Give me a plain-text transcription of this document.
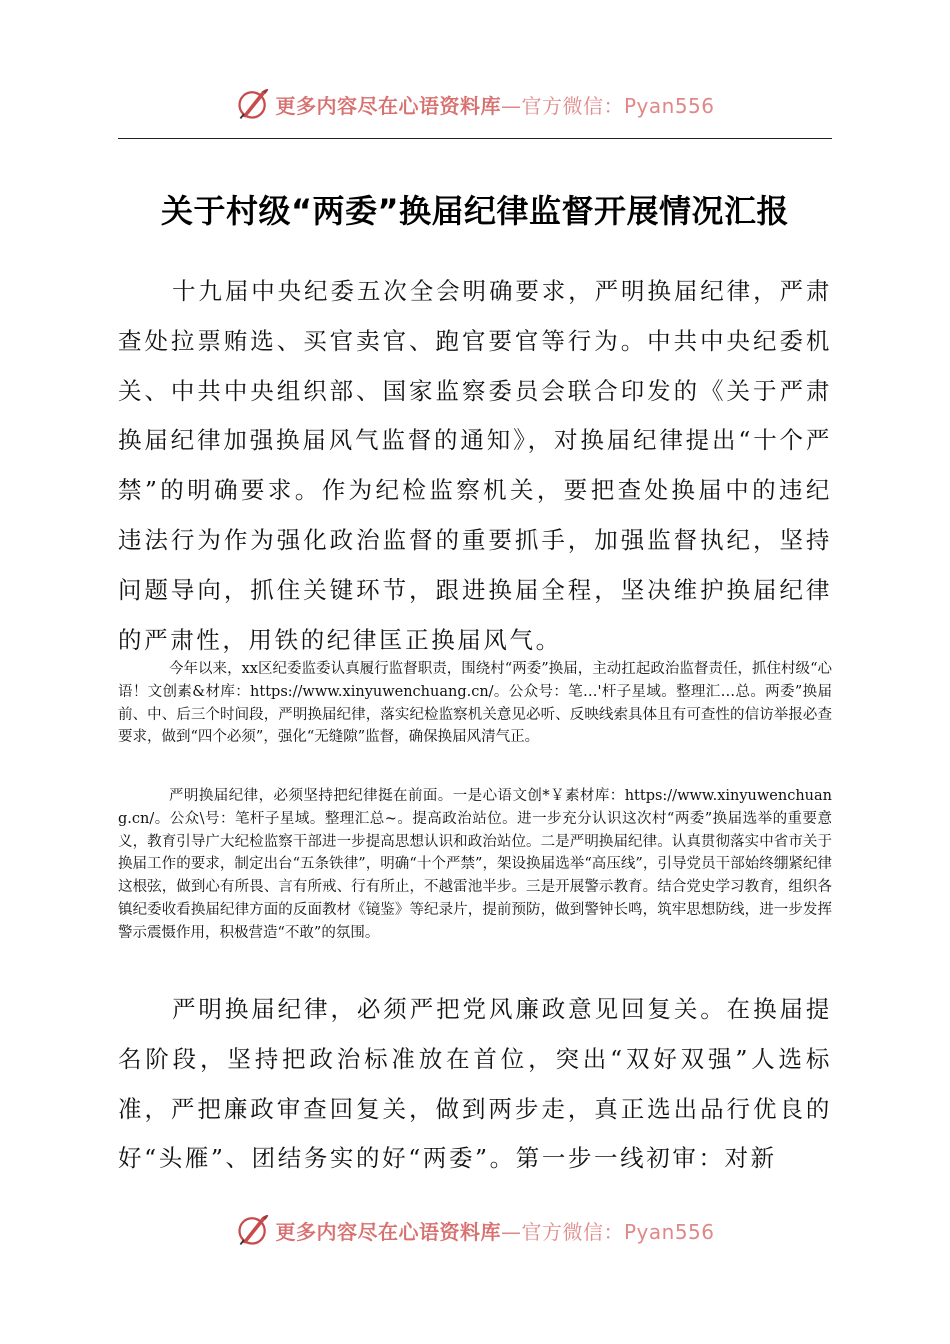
更多内容尽在心语资料库—官方微信：Pyan556
关于村级“两委”换届纪律监督开展情况汇报

十九届中央纪委五次全会明确要求，严明换届纪律，严肃查处拉票贿选、买官卖官、跑官要官等行为。中共中央纪委机关、中共中央组织部、国家监察委员会联合印发的《关于严肃换届纪律加强换届风气监督的通知》，对换届纪律提出“十个严禁”的明确要求。作为纪检监察机关，要把查处换届中的违纪违法行为作为强化政治监督的重要抓手，加强监督执纪，坚持问题导向，抓住关键环节，跟进换届全程，坚决维护换届纪律的严肃性，用铁的纪律匡正换届风气。

今年以来，xx区纪委监委认真履行监督职责，围绕村“两委”换届，主动扛起政治监督责任，抓住村级“心语！文创素&材库：https://www.xinyuwenchuang.cn/。公众号：笔…'杆子星域。整理汇…总。两委”换届前、中、后三个时间段，严明换届纪律，落实纪检监察机关意见必听、反映线索具体且有可查性的信访举报必查要求，做到“四个必须”，强化“无缝隙”监督，确保换届风清气正。

严明换届纪律，必须坚持把纪律挺在前面。一是心语文创*￥素材库：https://www.xinyuwenchuang.cn/。公众\号：笔杆子星域。整理汇总~。提高政治站位。进一步充分认识这次村“两委”换届选举的重要意义，教育引导广大纪检监察干部进一步提高思想认识和政治站位。二是严明换届纪律。认真贯彻落实中省市关于换届工作的要求，制定出台“五条铁律”，明确“十个严禁”，架设换届选举“高压线”，引导党员干部始终绷紧纪律这根弦，做到心有所畏、言有所戒、行有所止，不越雷池半步。三是开展警示教育。结合党史学习教育，组织各镇纪委收看换届纪律方面的反面教材《镜鉴》等纪录片，提前预防，做到警钟长鸣，筑牢思想防线，进一步发挥警示震慑作用，积极营造“不敢”的氛围。

严明换届纪律，必须严把党风廉政意见回复关。在换届提名阶段，坚持把政治标准放在首位，突出“双好双强”人选标准，严把廉政审查回复关，做到两步走，真正选出品行优良的好“头雁”、团结务实的好“两委”。第一步一线初审：对新

更多内容尽在心语资料库—官方微信：Pyan556
